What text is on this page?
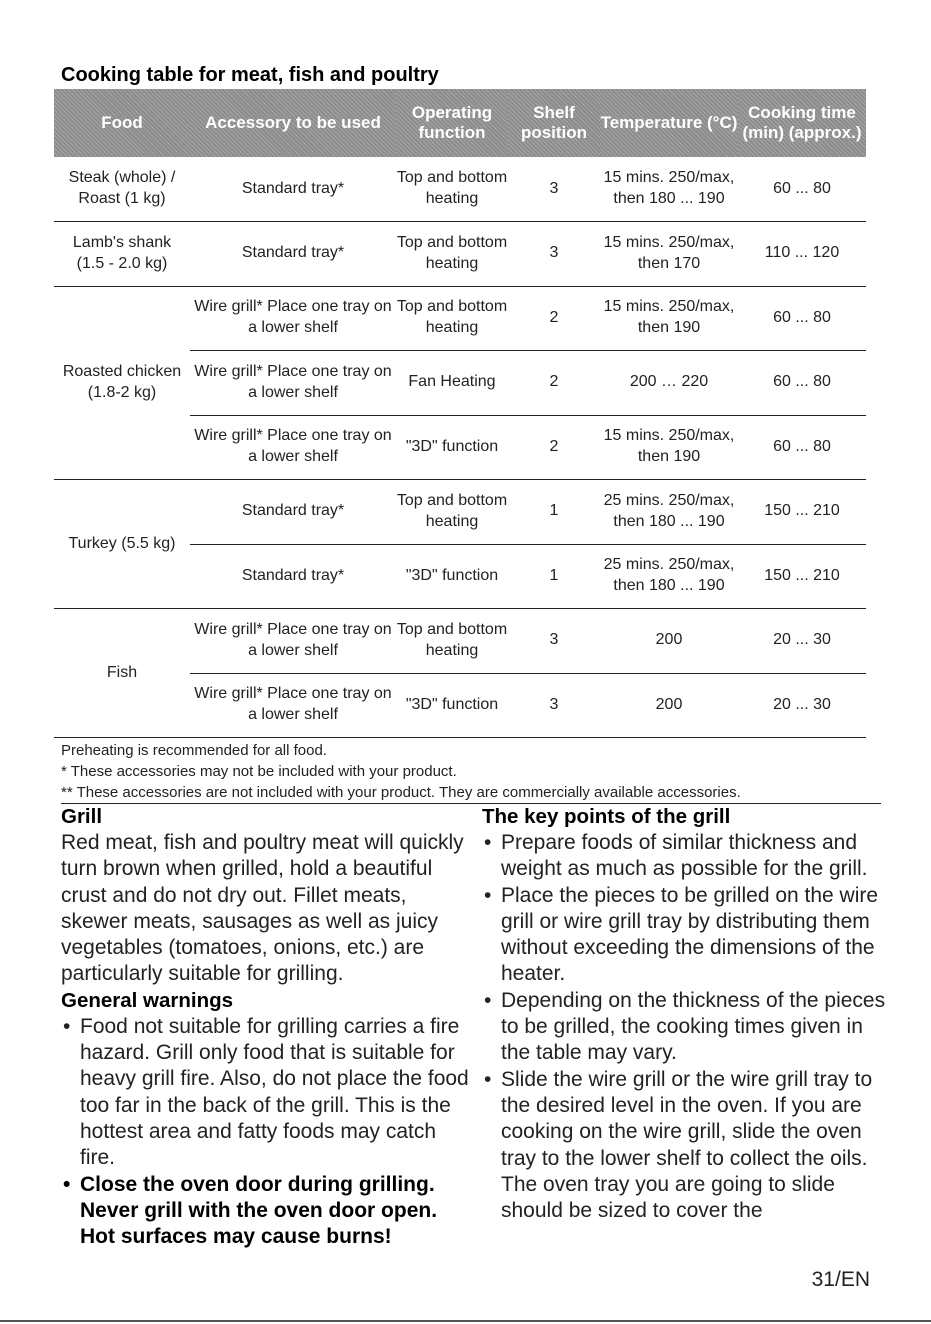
Cooking table for meat, fish and poultry
Food	Accessory to be used	Operating function	Shelf position	Temperature (°C)	Cooking time (min) (approx.)
Steak (whole) / Roast (1 kg)	Standard tray*	Top and bottom heating	3	15 mins. 250/max, then 180 ... 190	60 ... 80
Lamb's shank (1.5 - 2.0 kg)	Standard tray*	Top and bottom heating	3	15 mins. 250/max, then 170	110 ... 120
Roasted chicken (1.8-2 kg)	Wire grill* Place one tray on a lower shelf	Top and bottom heating	2	15 mins. 250/max, then 190	60 ... 80
	Wire grill* Place one tray on a lower shelf	Fan Heating	2	200 … 220	60 ... 80
	Wire grill* Place one tray on a lower shelf	"3D" function	2	15 mins. 250/max, then 190	60 ... 80
Turkey (5.5 kg)	Standard tray*	Top and bottom heating	1	25 mins. 250/max, then 180 ... 190	150 ... 210
	Standard tray*	"3D" function	1	25 mins. 250/max, then 180 ... 190	150 ... 210
Fish	Wire grill* Place one tray on a lower shelf	Top and bottom heating	3	200	20 ... 30
	Wire grill* Place one tray on a lower shelf	"3D" function	3	200	20 ... 30

Preheating is recommended for all food.

* These accessories may not be included with your product.

** These accessories are not included with your product. They are commercially available accessories.

Grill

Red meat, fish and poultry meat will quickly turn brown when grilled, hold a beautiful crust and do not dry out. Fillet meats, skewer meats, sausages as well as juicy vegetables (tomatoes, onions, etc.) are particularly suitable for grilling.

General warnings
• Food not suitable for grilling carries a fire hazard. Grill only food that is suitable for heavy grill fire. Also, do not place the food too far in the back of the grill. This is the hottest area and fatty foods may catch fire.
• Close the oven door during grilling. Never grill with the oven door open. Hot surfaces may cause burns!
The key points of the grill
• Prepare foods of similar thickness and weight as much as possible for the grill.
• Place the pieces to be grilled on the wire grill or wire grill tray by distributing them without exceeding the dimensions of the heater.
• Depending on the thickness of the pieces to be grilled, the cooking times given in the table may vary.
• Slide the wire grill or the wire grill tray to the desired level in the oven. If you are cooking on the wire grill, slide the oven tray to the lower shelf to collect the oils. The oven tray you are going to slide should be sized to cover the
31/EN
